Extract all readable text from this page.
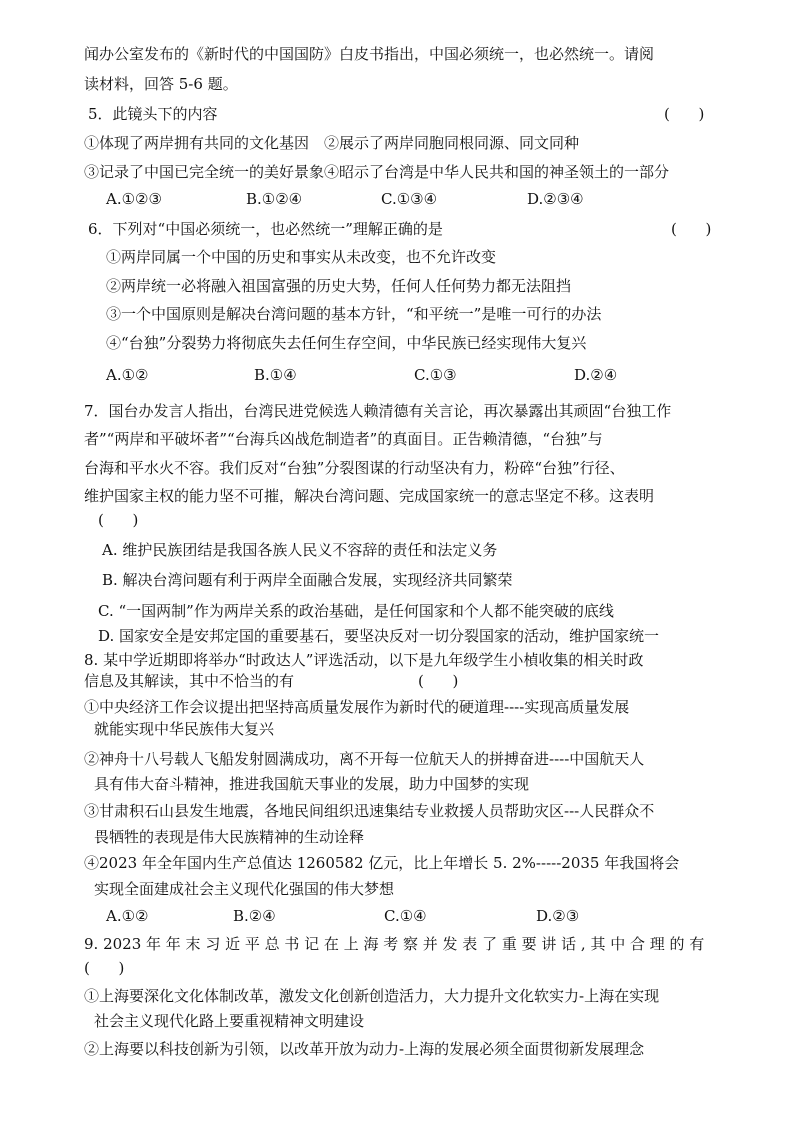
闻办公室发布的《新时代的中国国防》白皮书指出，中国必须统一，也必然统一。请阅
读材料，回答 5-6 题。
5．此镜头下的内容	(      )
①体现了两岸拥有共同的文化基因　②展示了两岸同胞同根同源、同文同种
③记录了中国已完全统一的美好景象④昭示了台湾是中华人民共和国的神圣领土的一部分
A.①②③	B.①②④	C.①③④	D.②③④
6．下列对“中国必须统一，也必然统一”理解正确的是	(      )
①两岸同属一个中国的历史和事实从未改变，也不允许改变
②两岸统一必将融入祖国富强的历史大势，任何人任何势力都无法阻挡
③一个中国原则是解决台湾问题的基本方针，“和平统一”是唯一可行的办法
④“台独”分裂势力将彻底失去任何生存空间，中华民族已经实现伟大复兴
A.①②	B.①④	C.①③	D.②④
7．国台办发言人指出，台湾民进党候选人赖清德有关言论，再次暴露出其顽固“台独工作
者”“两岸和平破坏者”“台海兵凶战危制造者”的真面目。正告赖清德，“台独”与
台海和平水火不容。我们反对“台独”分裂图谋的行动坚决有力，粉碎“台独”行径、
维护国家主权的能力坚不可摧，解决台湾问题、完成国家统一的意志坚定不移。这表明
(      )
A. 维护民族团结是我国各族人民义不容辞的责任和法定义务
B. 解决台湾问题有利于两岸全面融合发展，实现经济共同繁荣
C. “一国两制”作为两岸关系的政治基础，是任何国家和个人都不能突破的底线
D. 国家安全是安邦定国的重要基石，要坚决反对一切分裂国家的活动，维护国家统一
8. 某中学近期即将举办“时政达人”评选活动，以下是九年级学生小楨收集的相关时政
信息及其解读，其中不恰当的有	(      )
①中央经济工作会议提出把坚持高质量发展作为新时代的硬道理----实现高质量发展
就能实现中华民族伟大复兴
②神舟十八号载人飞船发射圆满成功，离不开每一位航天人的拼搏奋进----中国航天人
具有伟大奋斗精神，推进我国航天事业的发展，助力中国梦的实现
③甘肃积石山县发生地震，各地民间组织迅速集结专业救援人员帮助灾区---人民群众不
畏牺牲的表现是伟大民族精神的生动诠释
④2023 年全年国内生产总值达 1260582 亿元，比上年增长 5. 2%-----2035 年我国将会
实现全面建成社会主义现代化强国的伟大梦想
A.①②	B.②④	C.①④	D.②③
9. 2023 年 年 末 习 近 平 总 书 记 在 上 海 考 察 并 发 表 了 重 要 讲 话 , 其 中 合 理 的 有
(      )
①上海要深化文化体制改革，激发文化创新创造活力，大力提升文化软实力-上海在实现
社会主义现代化路上要重视精神文明建设
②上海要以科技创新为引领，以改革开放为动力-上海的发展必须全面贯彻新发展理念
